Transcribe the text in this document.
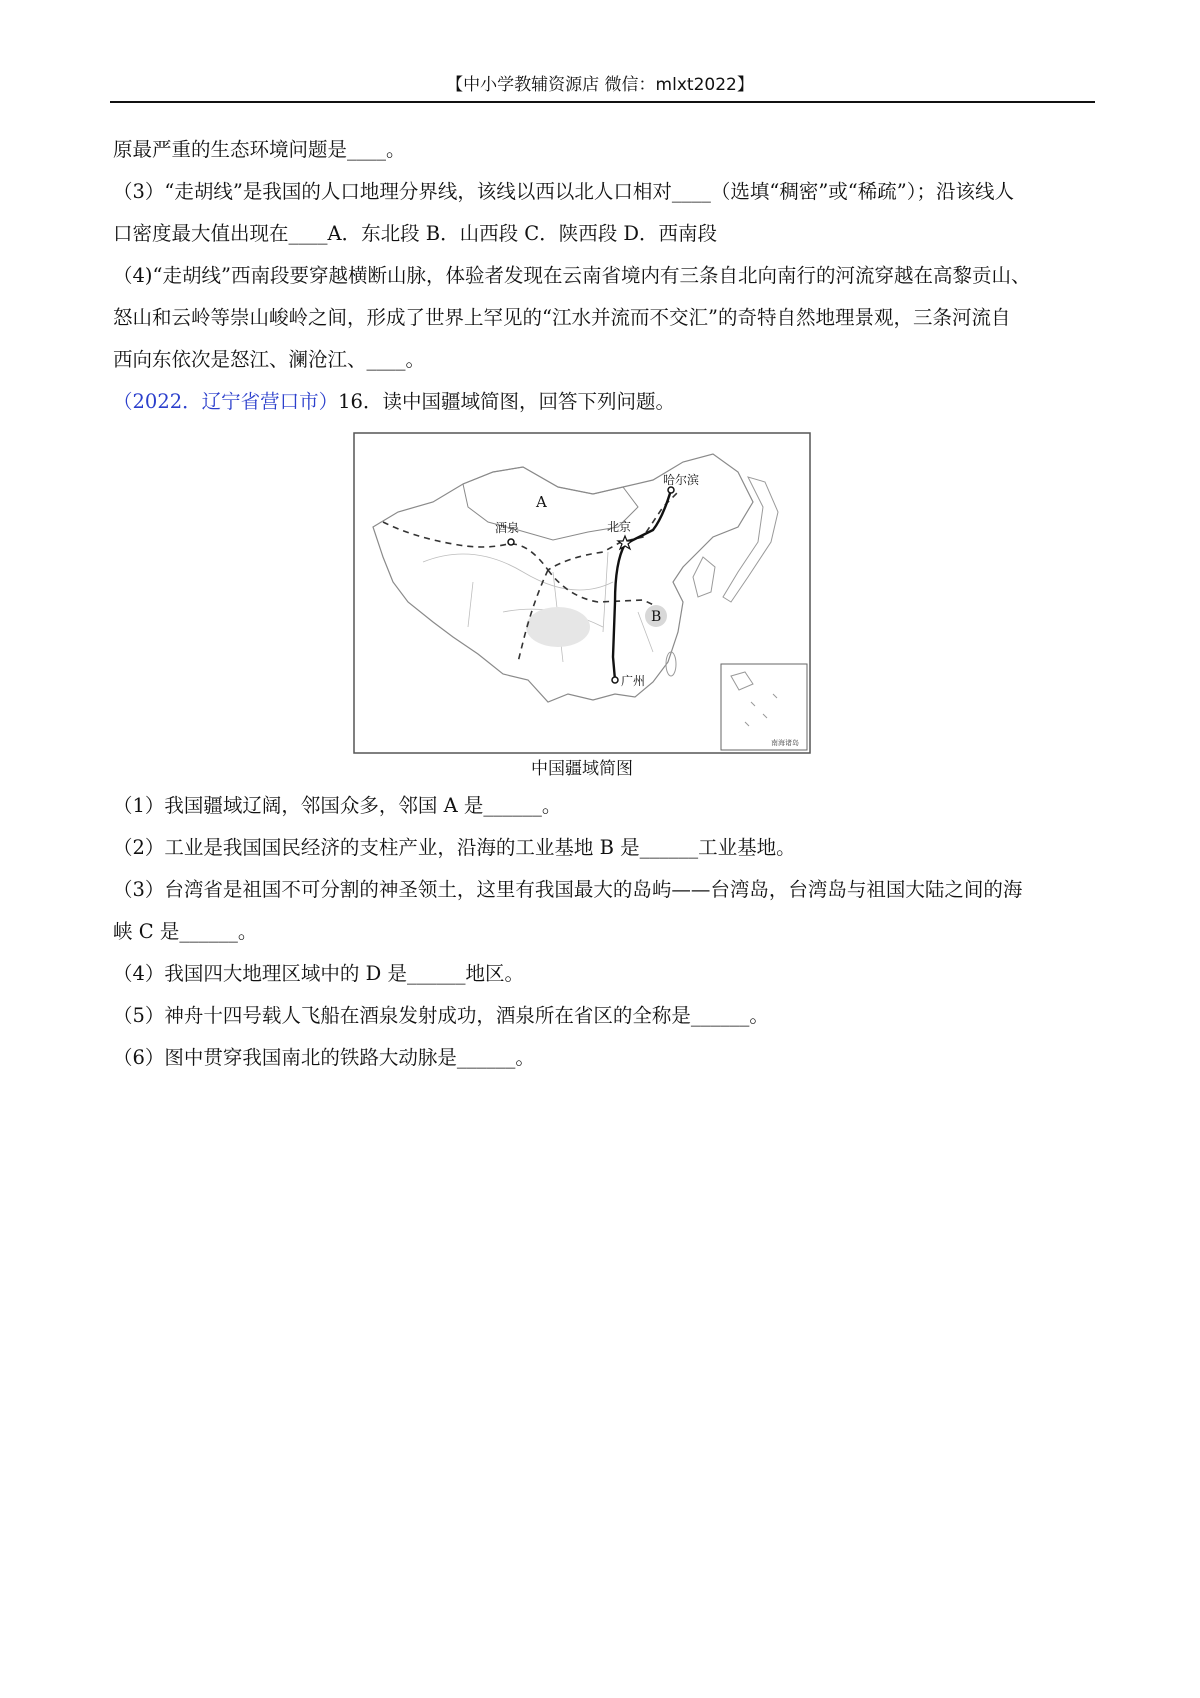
【中小学教辅资源店 微信：mlxt2022】
原最严重的生态环境问题是____。
（3）“走胡线”是我国的人口地理分界线，该线以西以北人口相对____（选填“稠密”或“稀疏”）；沿该线人
口密度最大值出现在____A．东北段 B．山西段 C．陕西段 D．西南段
（4)“走胡线”西南段要穿越横断山脉，体验者发现在云南省境内有三条自北向南行的河流穿越在高黎贡山、
怒山和云岭等崇山峻岭之间，形成了世界上罕见的“江水并流而不交汇”的奇特自然地理景观，三条河流自
西向东依次是怒江、澜沧江、____。
（2022．辽宁省营口市）16．读中国疆域简图，回答下列问题。
A
B
酒泉	北京
哈尔滨
广州
南海诸岛
中国疆域简图
（1）我国疆域辽阔，邻国众多，邻国 A 是______。
（2）工业是我国国民经济的支柱产业，沿海的工业基地 B 是______工业基地。
（3）台湾省是祖国不可分割的神圣领土，这里有我国最大的岛屿——台湾岛，台湾岛与祖国大陆之间的海
峡 C 是______。
（4）我国四大地理区域中的 D 是______地区。
（5）神舟十四号载人飞船在酒泉发射成功，酒泉所在省区的全称是______。
（6）图中贯穿我国南北的铁路大动脉是______。
